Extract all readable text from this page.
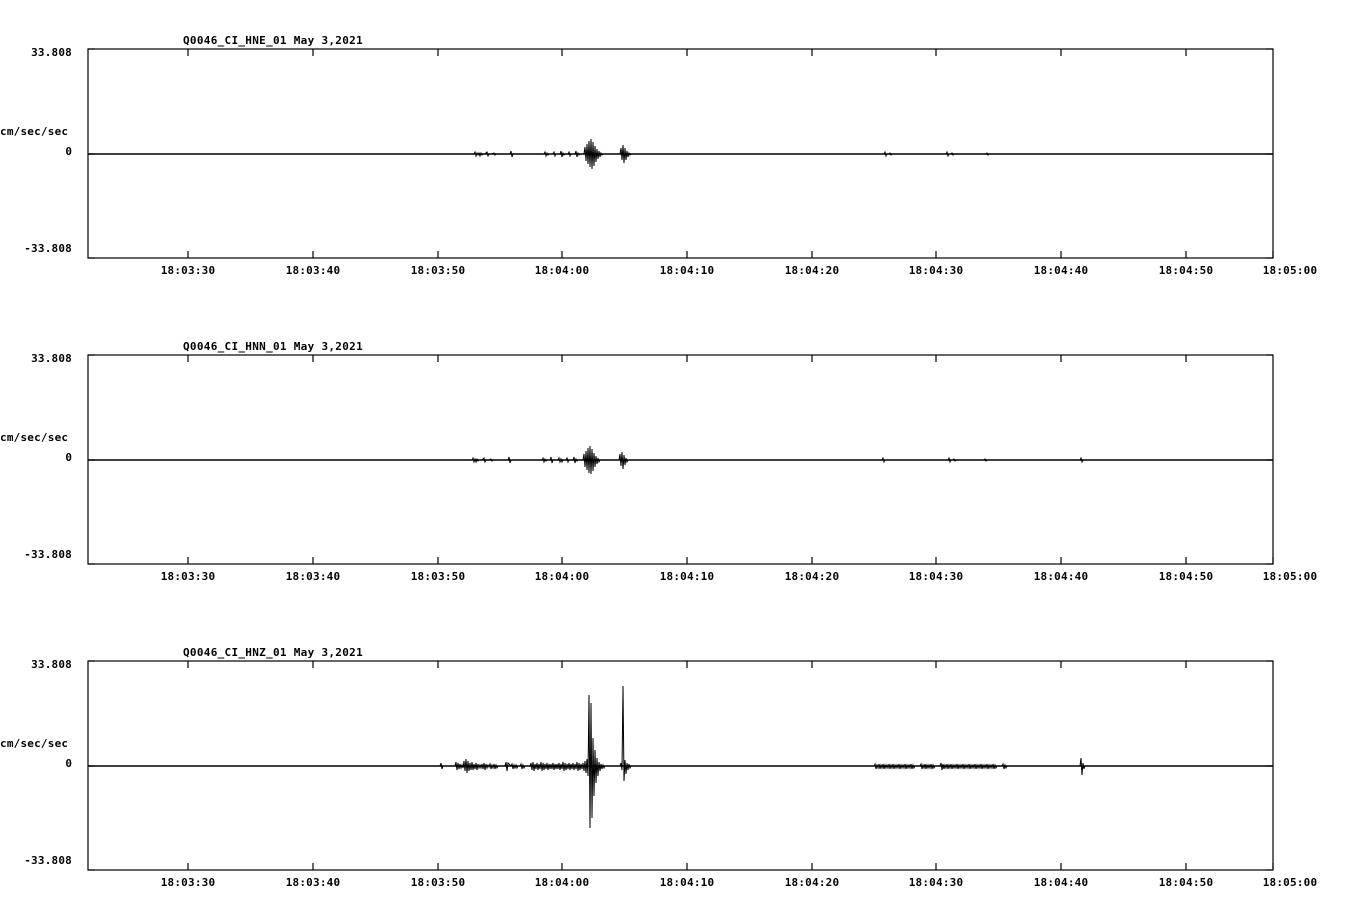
Q0046_CI_HNE_01 May 3,2021
33.808
cm/sec/sec
0
-33.808
18:03:30	18:03:40	18:03:50	18:04:00	18:04:10	18:04:20	18:04:30	18:04:40	18:04:50	18:05:00
Q0046_CI_HNN_01 May 3,2021
33.808
cm/sec/sec
0
-33.808
18:03:30	18:03:40	18:03:50	18:04:00	18:04:10	18:04:20	18:04:30	18:04:40	18:04:50	18:05:00
Q0046_CI_HNZ_01 May 3,2021
33.808
cm/sec/sec
0
-33.808
18:03:30	18:03:40	18:03:50	18:04:00	18:04:10	18:04:20	18:04:30	18:04:40	18:04:50	18:05:00
